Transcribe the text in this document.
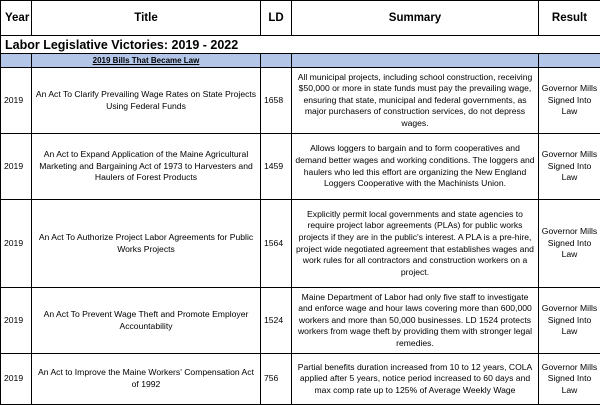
Year	Title	LD	Summary	Result
Labor Legislative Victories: 2019 - 2022				
	2019 Bills That Became Law			
2019	An Act To Clarify Prevailing Wage Rates on State Projects Using Federal Funds	1658	All municipal projects, including school construction, receiving $50,000 or more in state funds must pay the prevailing wage, ensuring that state, municipal and federal governments, as major purchasers of construction services, do not depress wages.	Governor Mills Signed Into Law
2019	An Act to Expand Application of the Maine Agricultural Marketing and Bargaining Act of 1973 to Harvesters and Haulers of Forest Products	1459	Allows loggers to bargain and to form cooperatives and demand better wages and working conditions. The loggers and haulers who led this effort are organizing the New England Loggers Cooperative with the Machinists Union.	Governor Mills Signed Into Law
2019	An Act To Authorize Project Labor Agreements for Public Works Projects	1564	Explicitly permit local governments and state agencies to require project labor agreements (PLAs) for public works projects if they are in the public's interest. A PLA is a pre-hire, project wide negotiated agreement that establishes wages and work rules for all contractors and construction workers on a project.	Governor Mills Signed Into Law
2019	An Act To Prevent Wage Theft and Promote Employer Accountability	1524	Maine Department of Labor had only five staff to investigate and enforce wage and hour laws covering more than 600,000 workers and more than 50,000 businesses. LD 1524 protects workers from wage theft by providing them with stronger legal remedies.	Governor Mills Signed Into Law
2019	An Act to Improve the Maine Workers' Compensation Act of 1992	756	Partial benefits duration increased from 10 to 12 years, COLA applied after 5 years, notice period increased to 60 days and max comp rate up to 125% of Average Weekly Wage	Governor Mills Signed Into Law
